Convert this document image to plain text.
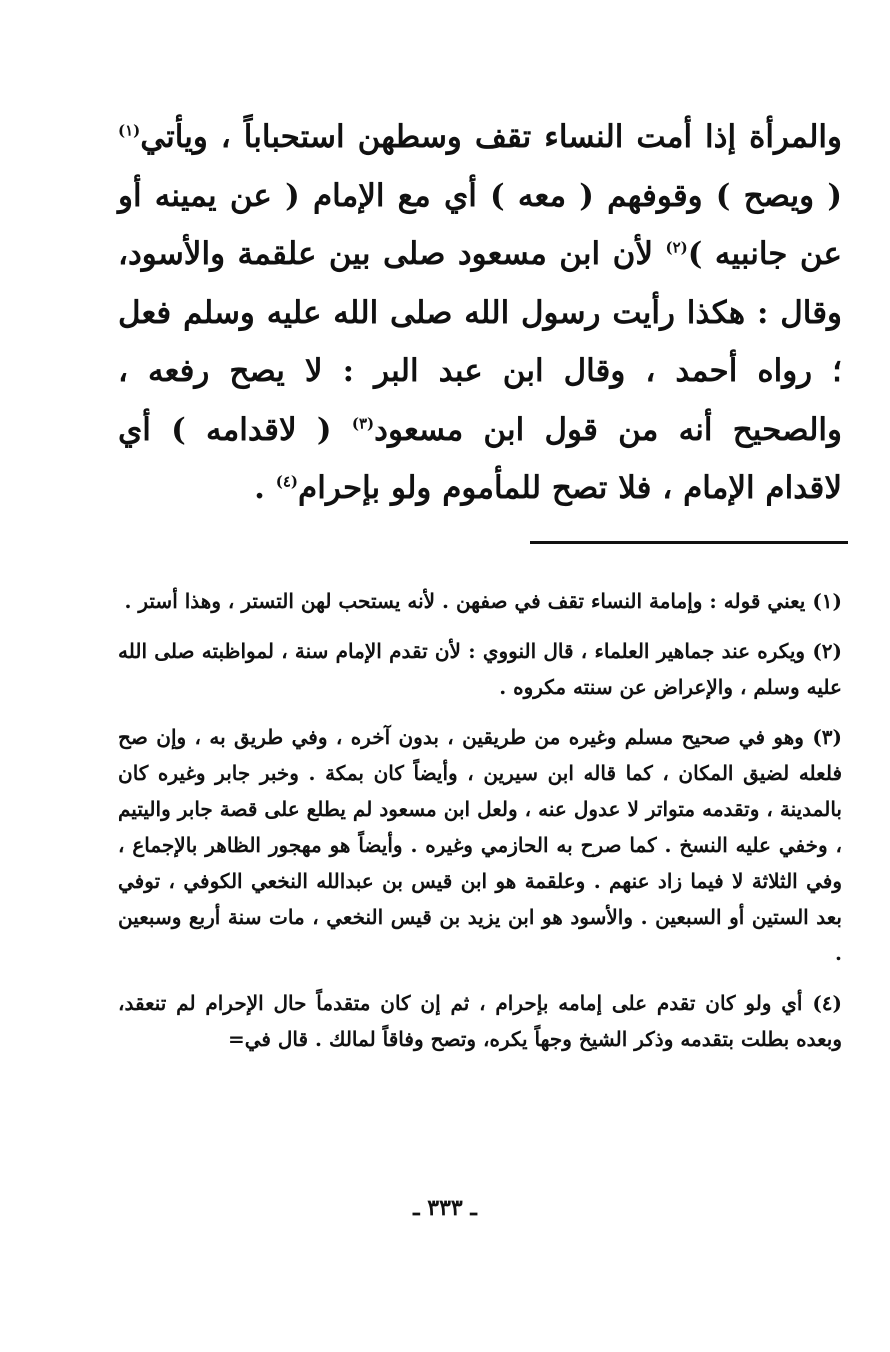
والمرأة إذا أمت النساء تقف وسطهن استحباباً ، ويأتي$^{(١)}$ ( ويصح ) وقوفهم ( معه ) أي مع الإمام ( عن يمينه أو عن جانبيه )$^{(٢)}$ لأن ابن مسعود صلى بين علقمة والأسود، وقال : هكذا رأيت رسول الله صلى الله عليه وسلم فعل ؛ رواه أحمد ، وقال ابن عبد البر : لا يصح رفعه ، والصحيح أنه من قول ابن مسعود$^{(٣)}$ ( لاقدامه ) أي لاقدام الإمام ، فلا تصح للمأموم ولو بإحرام$^{(٤)}$ .

(١) يعني قوله : وإمامة النساء تقف في صفهن . لأنه يستحب لهن التستر ، وهذا أستر .

(٢) ويكره عند جماهير العلماء ، قال النووي : لأن تقدم الإمام سنة ، لمواظبته صلى الله عليه وسلم ، والإعراض عن سنته مكروه .

(٣) وهو في صحيح مسلم وغيره من طريقين ، بدون آخره ، وفي طريق به ، وإن صح فلعله لضيق المكان ، كما قاله ابن سيرين ، وأيضاً كان بمكة . وخبر جابر وغيره كان بالمدينة ، وتقدمه متواتر لا عدول عنه ، ولعل ابن مسعود لم يطلع على قصة جابر واليتيم ، وخفي عليه النسخ . كما صرح به الحازمي وغيره . وأيضاً هو مهجور الظاهر بالإجماع ، وفي الثلاثة لا فيما زاد عنهم . وعلقمة هو ابن قيس بن عبدالله النخعي الكوفي ، توفي بعد الستين أو السبعين . والأسود هو ابن يزيد بن قيس النخعي ، مات سنة أربع وسبعين .

(٤) أي ولو كان تقدم على إمامه بإحرام ، ثم إن كان متقدماً حال الإحرام لم تنعقد، وبعده بطلت بتقدمه وذكر الشيخ وجهاً يكره، وتصح وفاقاً لمالك . قال في=

ـ ٣٣٣ ـ
